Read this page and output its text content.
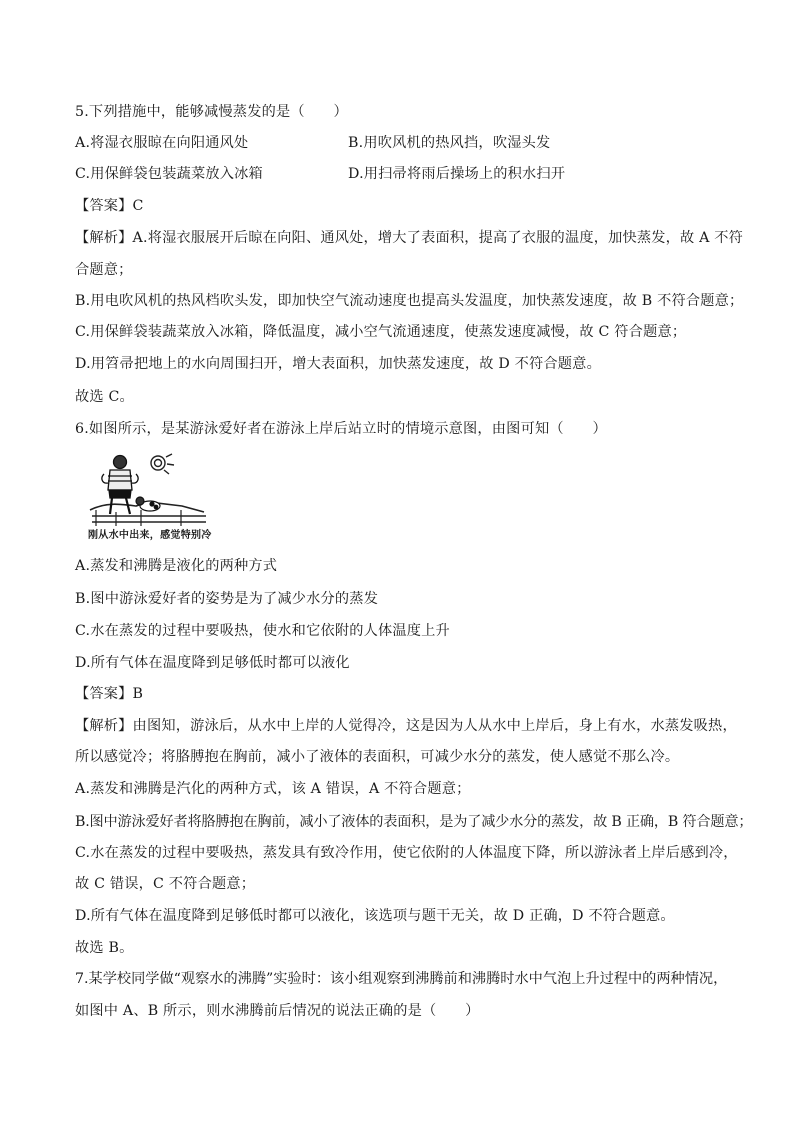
5.下列措施中，能够减慢蒸发的是（　　）
A.将湿衣服晾在向阳通风处	B.用吹风机的热风挡，吹湿头发
C.用保鲜袋包装蔬菜放入冰箱	D.用扫帚将雨后操场上的积水扫开
【答案】C
【解析】A.将湿衣服展开后晾在向阳、通风处，增大了表面积，提高了衣服的温度，加快蒸发，故 A 不符
合题意；
B.用电吹风机的热风档吹头发，即加快空气流动速度也提高头发温度，加快蒸发速度，故 B 不符合题意；
C.用保鲜袋装蔬菜放入冰箱，降低温度，减小空气流通速度，使蒸发速度减慢，故 C 符合题意；
D.用笤帚把地上的水向周围扫开，增大表面积，加快蒸发速度，故 D 不符合题意。
故选 C。
6.如图所示，是某游泳爱好者在游泳上岸后站立时的情境示意图，由图可知（　　）
刚从水中出来，感觉特别冷
A.蒸发和沸腾是液化的两种方式
B.图中游泳爱好者的姿势是为了减少水分的蒸发
C.水在蒸发的过程中要吸热，使水和它依附的人体温度上升
D.所有气体在温度降到足够低时都可以液化
【答案】B
【解析】由图知，游泳后，从水中上岸的人觉得冷，这是因为人从水中上岸后，身上有水，水蒸发吸热，
所以感觉冷；将胳膊抱在胸前，减小了液体的表面积，可减少水分的蒸发，使人感觉不那么冷。
A.蒸发和沸腾是汽化的两种方式，该 A 错误，A 不符合题意；
B.图中游泳爱好者将胳膊抱在胸前，减小了液体的表面积，是为了减少水分的蒸发，故 B 正确，B 符合题意；
C.水在蒸发的过程中要吸热，蒸发具有致冷作用，使它依附的人体温度下降，所以游泳者上岸后感到冷，
故 C 错误，C 不符合题意；
D.所有气体在温度降到足够低时都可以液化，该选项与题干无关，故 D 正确，D 不符合题意。
故选 B。
7.某学校同学做“观察水的沸腾”实验时：该小组观察到沸腾前和沸腾时水中气泡上升过程中的两种情况，
如图中 A、B 所示，则水沸腾前后情况的说法正确的是（　　）
